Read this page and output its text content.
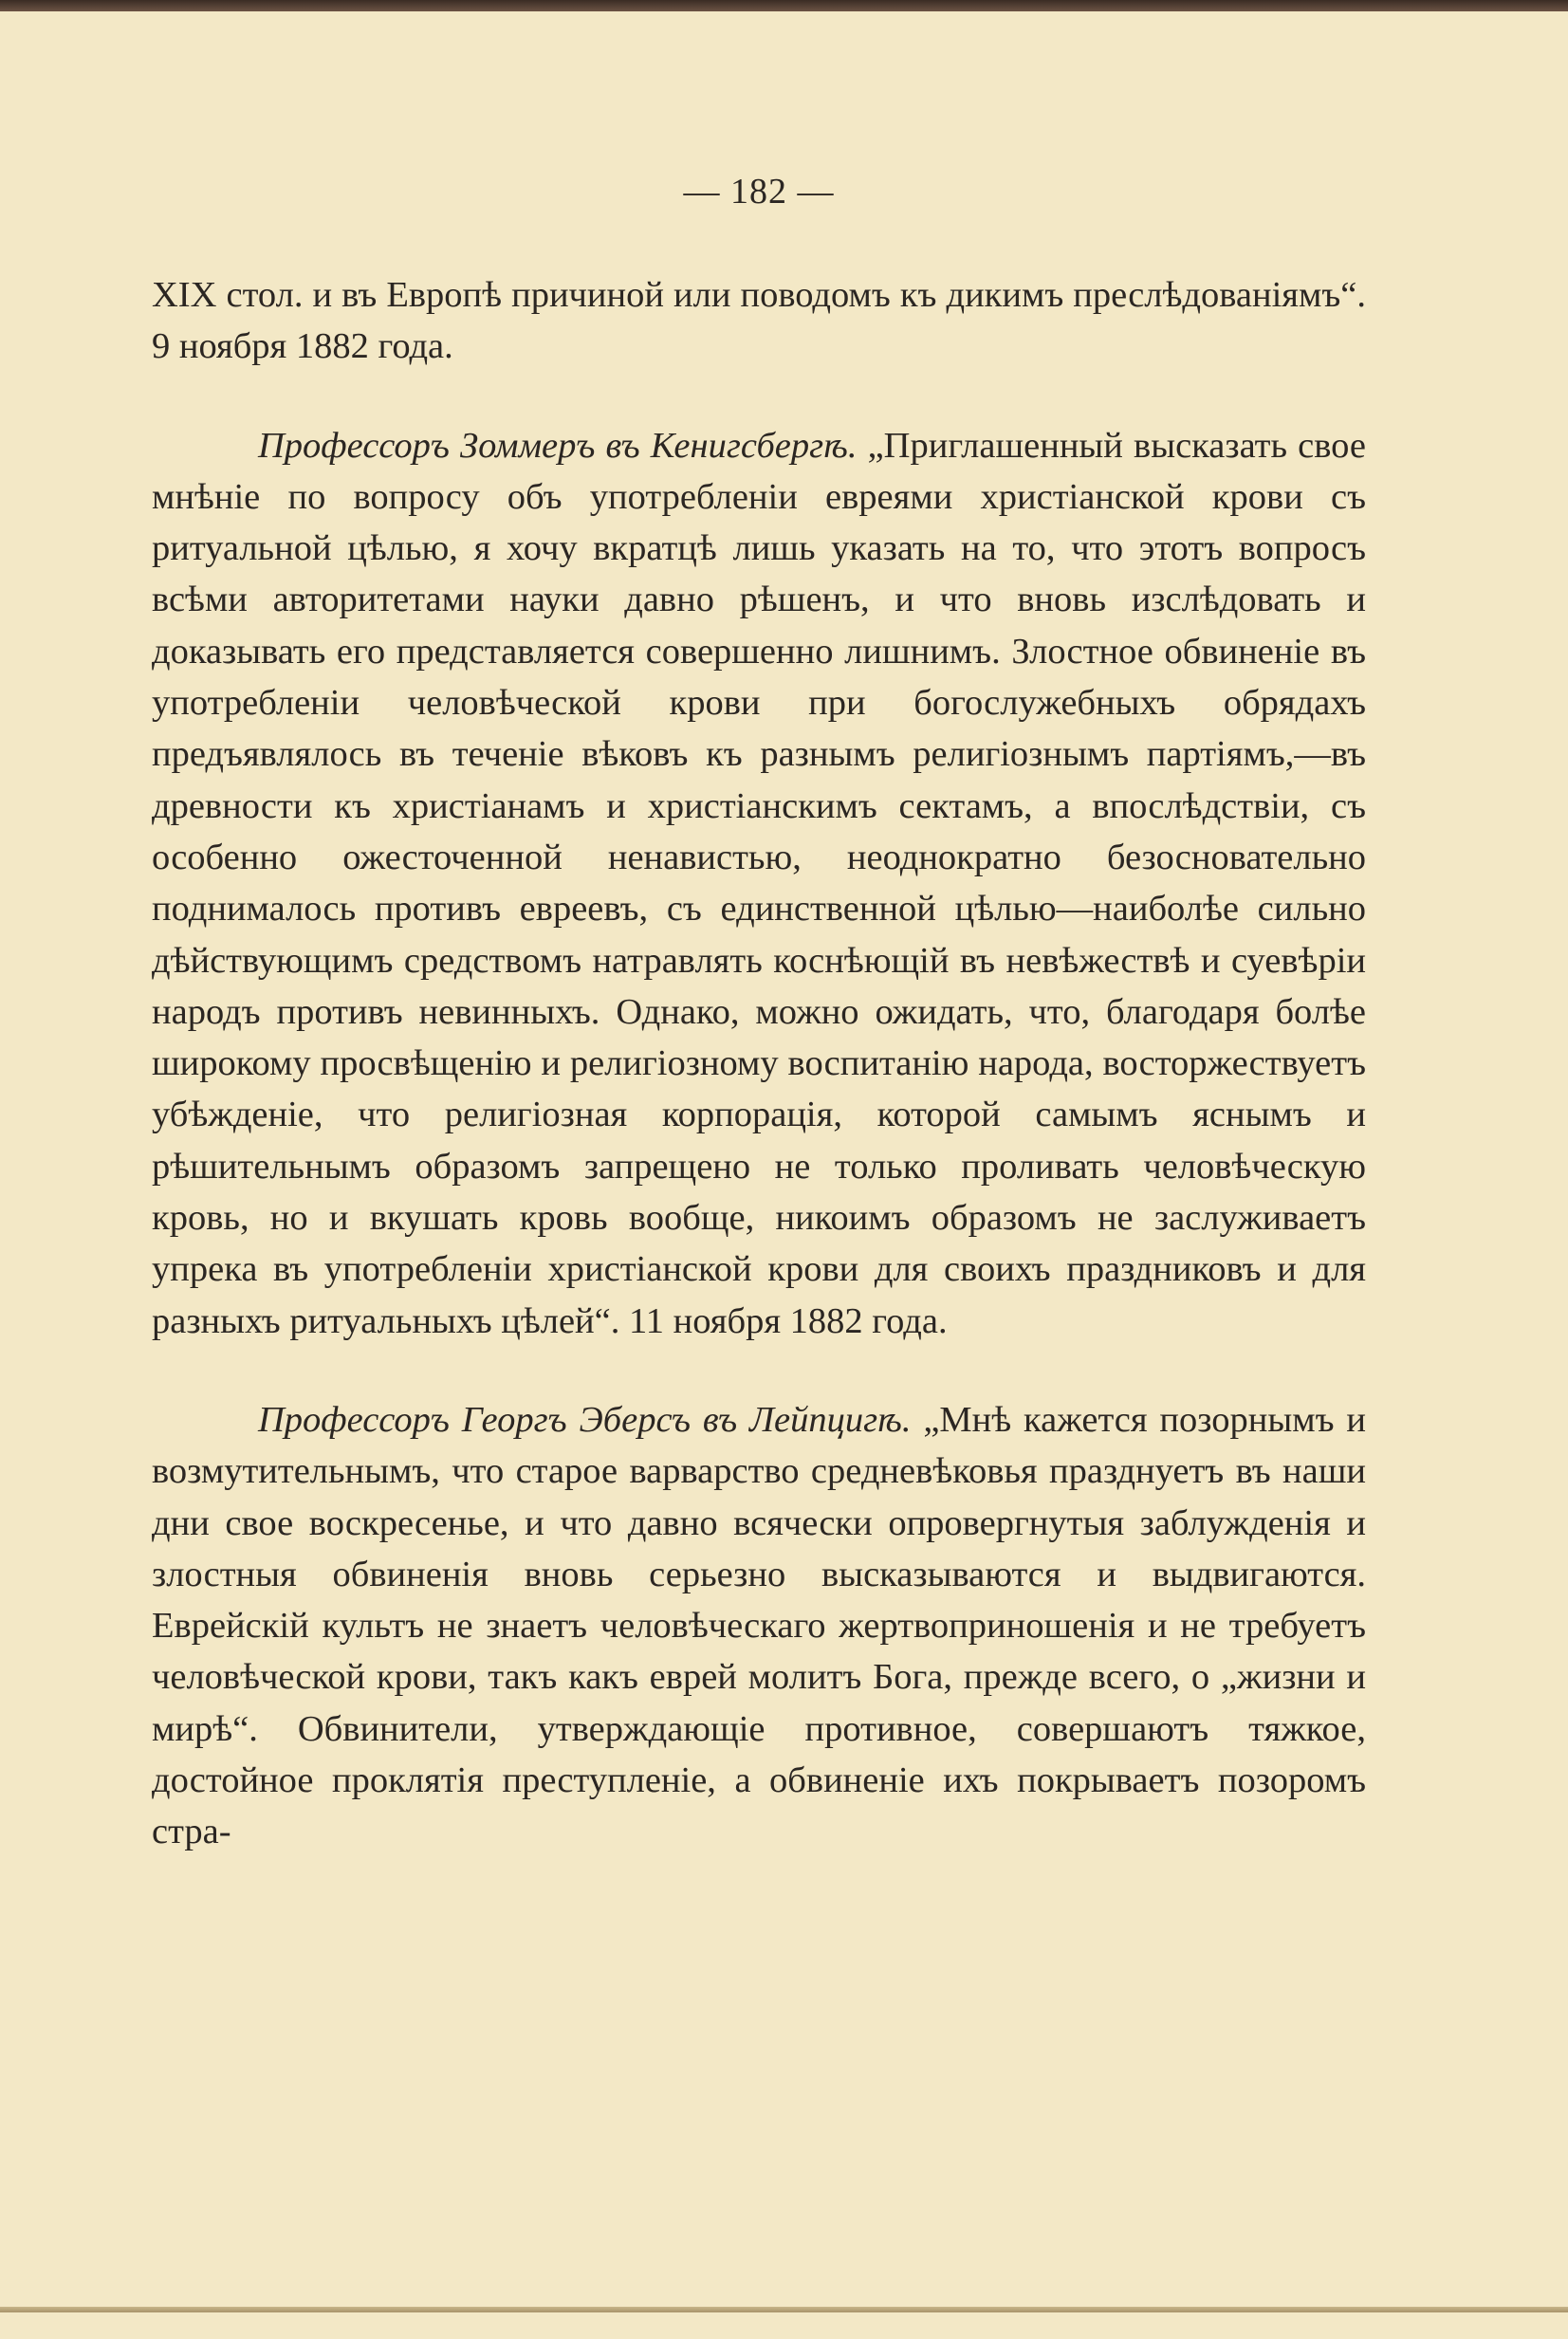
— 182 —

XIX стол. и въ Европѣ причиной или поводомъ къ дикимъ преслѣдованіямъ“. 9 ноября 1882 года.

Профессоръ Зоммеръ въ Кенигсбергѣ. „Приглашенный высказать свое мнѣніе по вопросу объ употребленіи евреями христіанской крови съ ритуальной цѣлью, я хочу вкратцѣ лишь указать на то, что этотъ вопросъ всѣми авторитетами науки давно рѣшенъ, и что вновь изслѣдовать и доказывать его представляется совершенно лишнимъ. Злостное обвиненіе въ употребленіи человѣческой крови при богослужебныхъ обрядахъ предъявлялось въ теченіе вѣковъ къ разнымъ религіознымъ партіямъ,—въ древности къ христіанамъ и христіанскимъ сектамъ, а впослѣдствіи, съ особенно ожесточенной ненавистью, неоднократно безосновательно поднималось противъ евреевъ, съ единственной цѣлью—наиболѣе сильно дѣйствующимъ средствомъ натравлять коснѣющій въ невѣжествѣ и суевѣріи народъ противъ невинныхъ. Однако, можно ожидать, что, благодаря болѣе широкому просвѣщенію и религіозному воспитанію народа, восторжествуетъ убѣжденіе, что религіозная корпорація, которой самымъ яснымъ и рѣшительнымъ образомъ запрещено не только проливать человѣческую кровь, но и вкушать кровь вообще, никоимъ образомъ не заслуживаетъ упрека въ употребленіи христіанской крови для своихъ праздниковъ и для разныхъ ритуальныхъ цѣлей“. 11 ноября 1882 года.

Профессоръ Георгъ Эберсъ въ Лейпцигѣ. „Мнѣ кажется позорнымъ и возмутительнымъ, что старое варварство средневѣковья празднуетъ въ наши дни свое воскресенье, и что давно всячески опровергнутыя заблужденія и злостныя обвиненія вновь серьезно высказываются и выдвигаются. Еврейскій культъ не знаетъ человѣческаго жертвоприношенія и не требуетъ человѣческой крови, такъ какъ еврей молитъ Бога, прежде всего, о „жизни и мирѣ“. Обвинители, утверждающіе противное, совершаютъ тяжкое, достойное проклятія преступленіе, а обвиненіе ихъ покрываетъ позоромъ стра-
